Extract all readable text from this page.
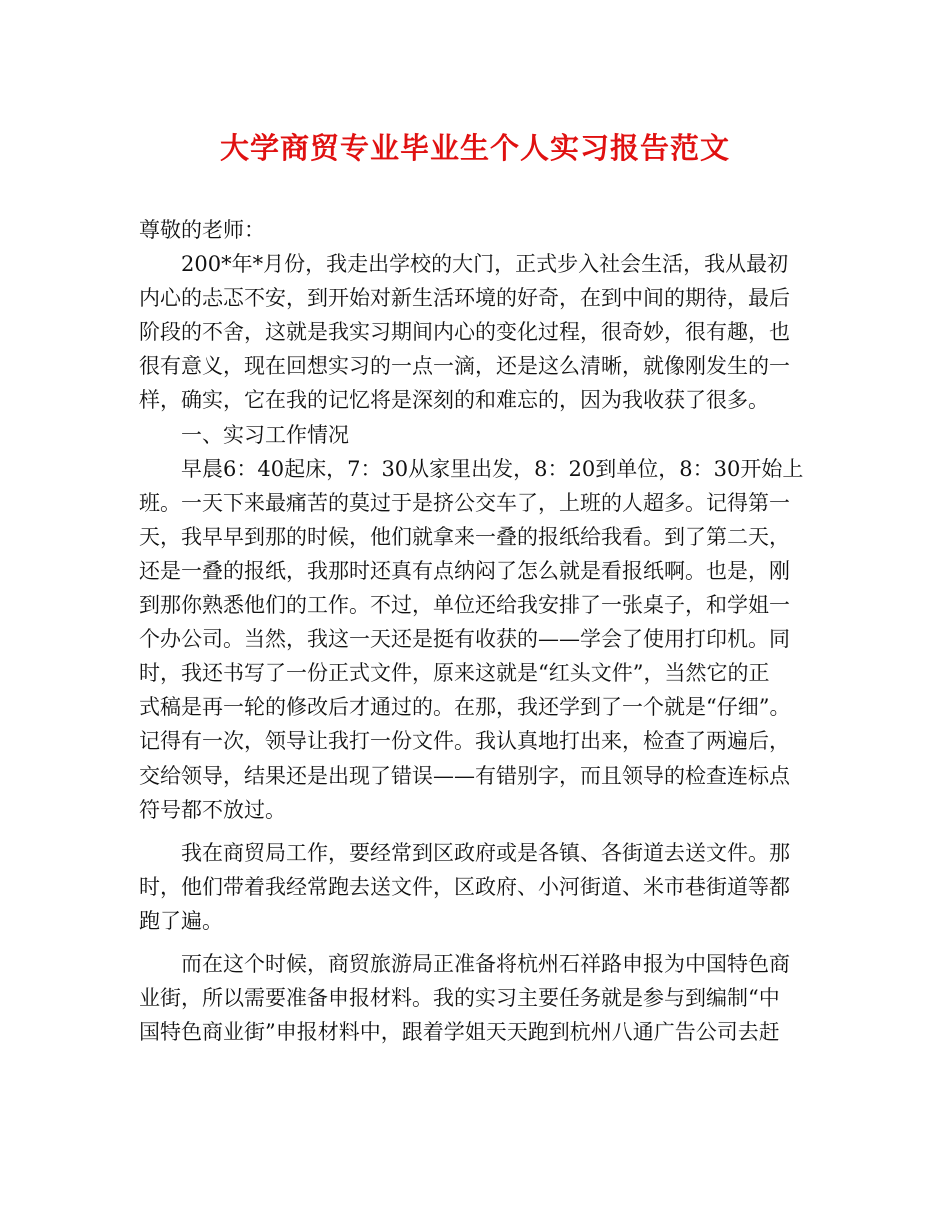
大学商贸专业毕业生个人实习报告范文
尊敬的老师：
200*年*月份，我走出学校的大门，正式步入社会生活，我从最初
内心的忐忑不安，到开始对新生活环境的好奇，在到中间的期待，最后
阶段的不舍，这就是我实习期间内心的变化过程，很奇妙，很有趣，也
很有意义，现在回想实习的一点一滴，还是这么清晰，就像刚发生的一
样，确实，它在我的记忆将是深刻的和难忘的，因为我收获了很多。
一、实习工作情况
早晨6：40起床，7：30从家里出发，8：20到单位，8：30开始上
班。一天下来最痛苦的莫过于是挤公交车了，上班的人超多。记得第一
天，我早早到那的时候，他们就拿来一叠的报纸给我看。到了第二天，
还是一叠的报纸，我那时还真有点纳闷了怎么就是看报纸啊。也是，刚
到那你熟悉他们的工作。不过，单位还给我安排了一张桌子，和学姐一
个办公司。当然，我这一天还是挺有收获的——学会了使用打印机。同
时，我还书写了一份正式文件，原来这就是“红头文件”，当然它的正
式稿是再一轮的修改后才通过的。在那，我还学到了一个就是“仔细”。
记得有一次，领导让我打一份文件。我认真地打出来，检查了两遍后，
交给领导，结果还是出现了错误——有错别字，而且领导的检查连标点
符号都不放过。
我在商贸局工作，要经常到区政府或是各镇、各街道去送文件。那
时，他们带着我经常跑去送文件，区政府、小河街道、米市巷街道等都
跑了遍。
而在这个时候，商贸旅游局正准备将杭州石祥路申报为中国特色商
业街，所以需要准备申报材料。我的实习主要任务就是参与到编制“中
国特色商业街”申报材料中，跟着学姐天天跑到杭州八通广告公司去赶
